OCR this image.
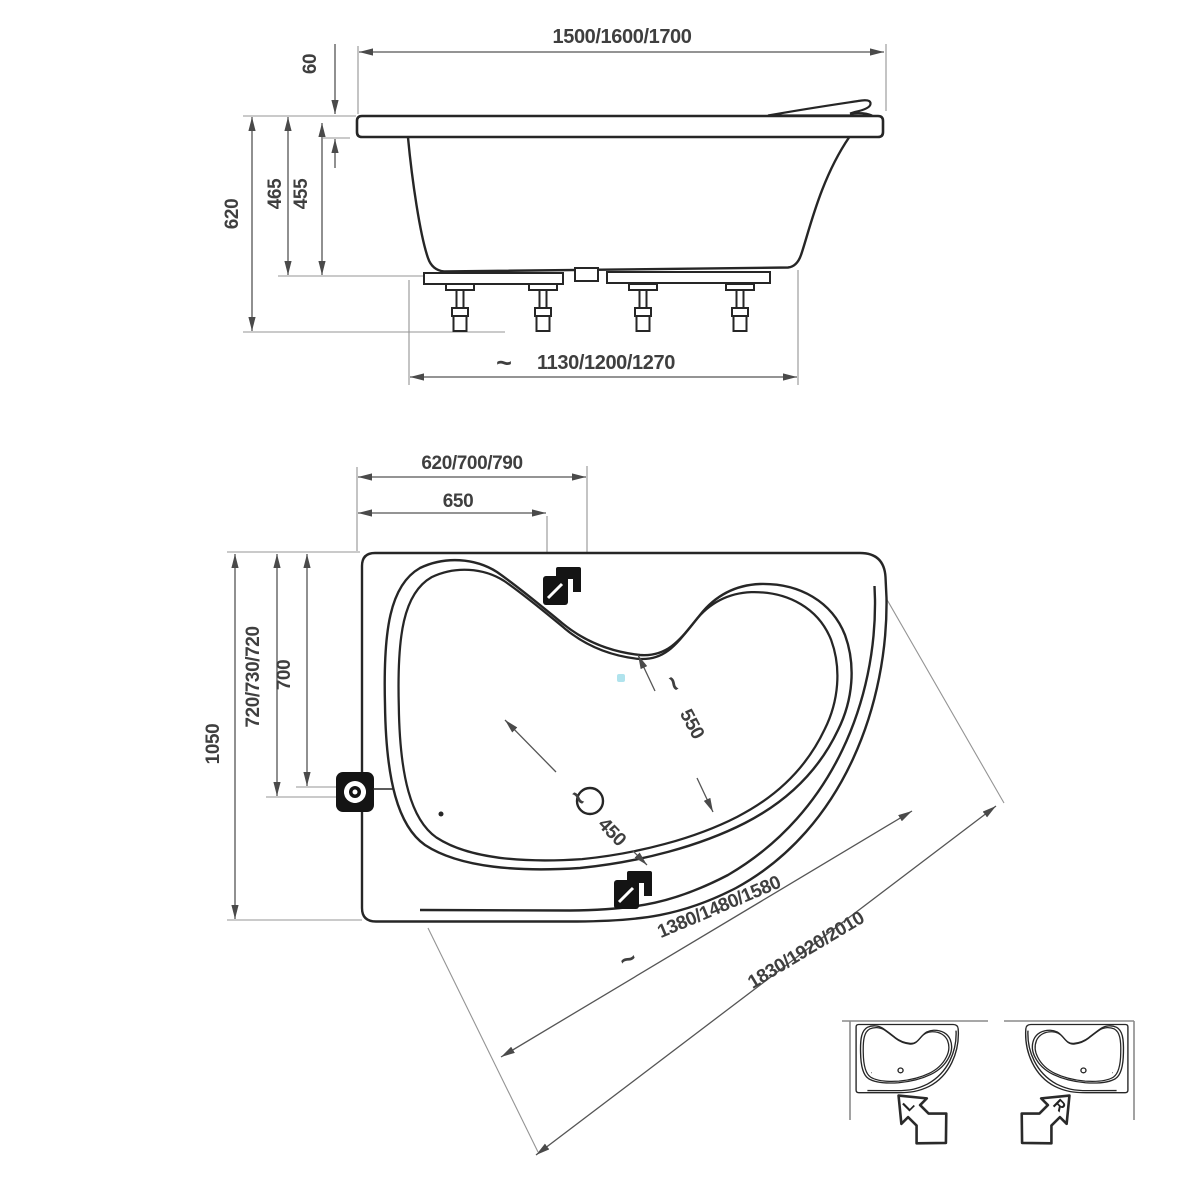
1500/1600/1700
60
620
465 455
~ 1130/1200/1270
620/700/790
650
1050
720/730/720 700
~
450
~
550
~
1380/1480/1580
1830/1920/2010
L	R
